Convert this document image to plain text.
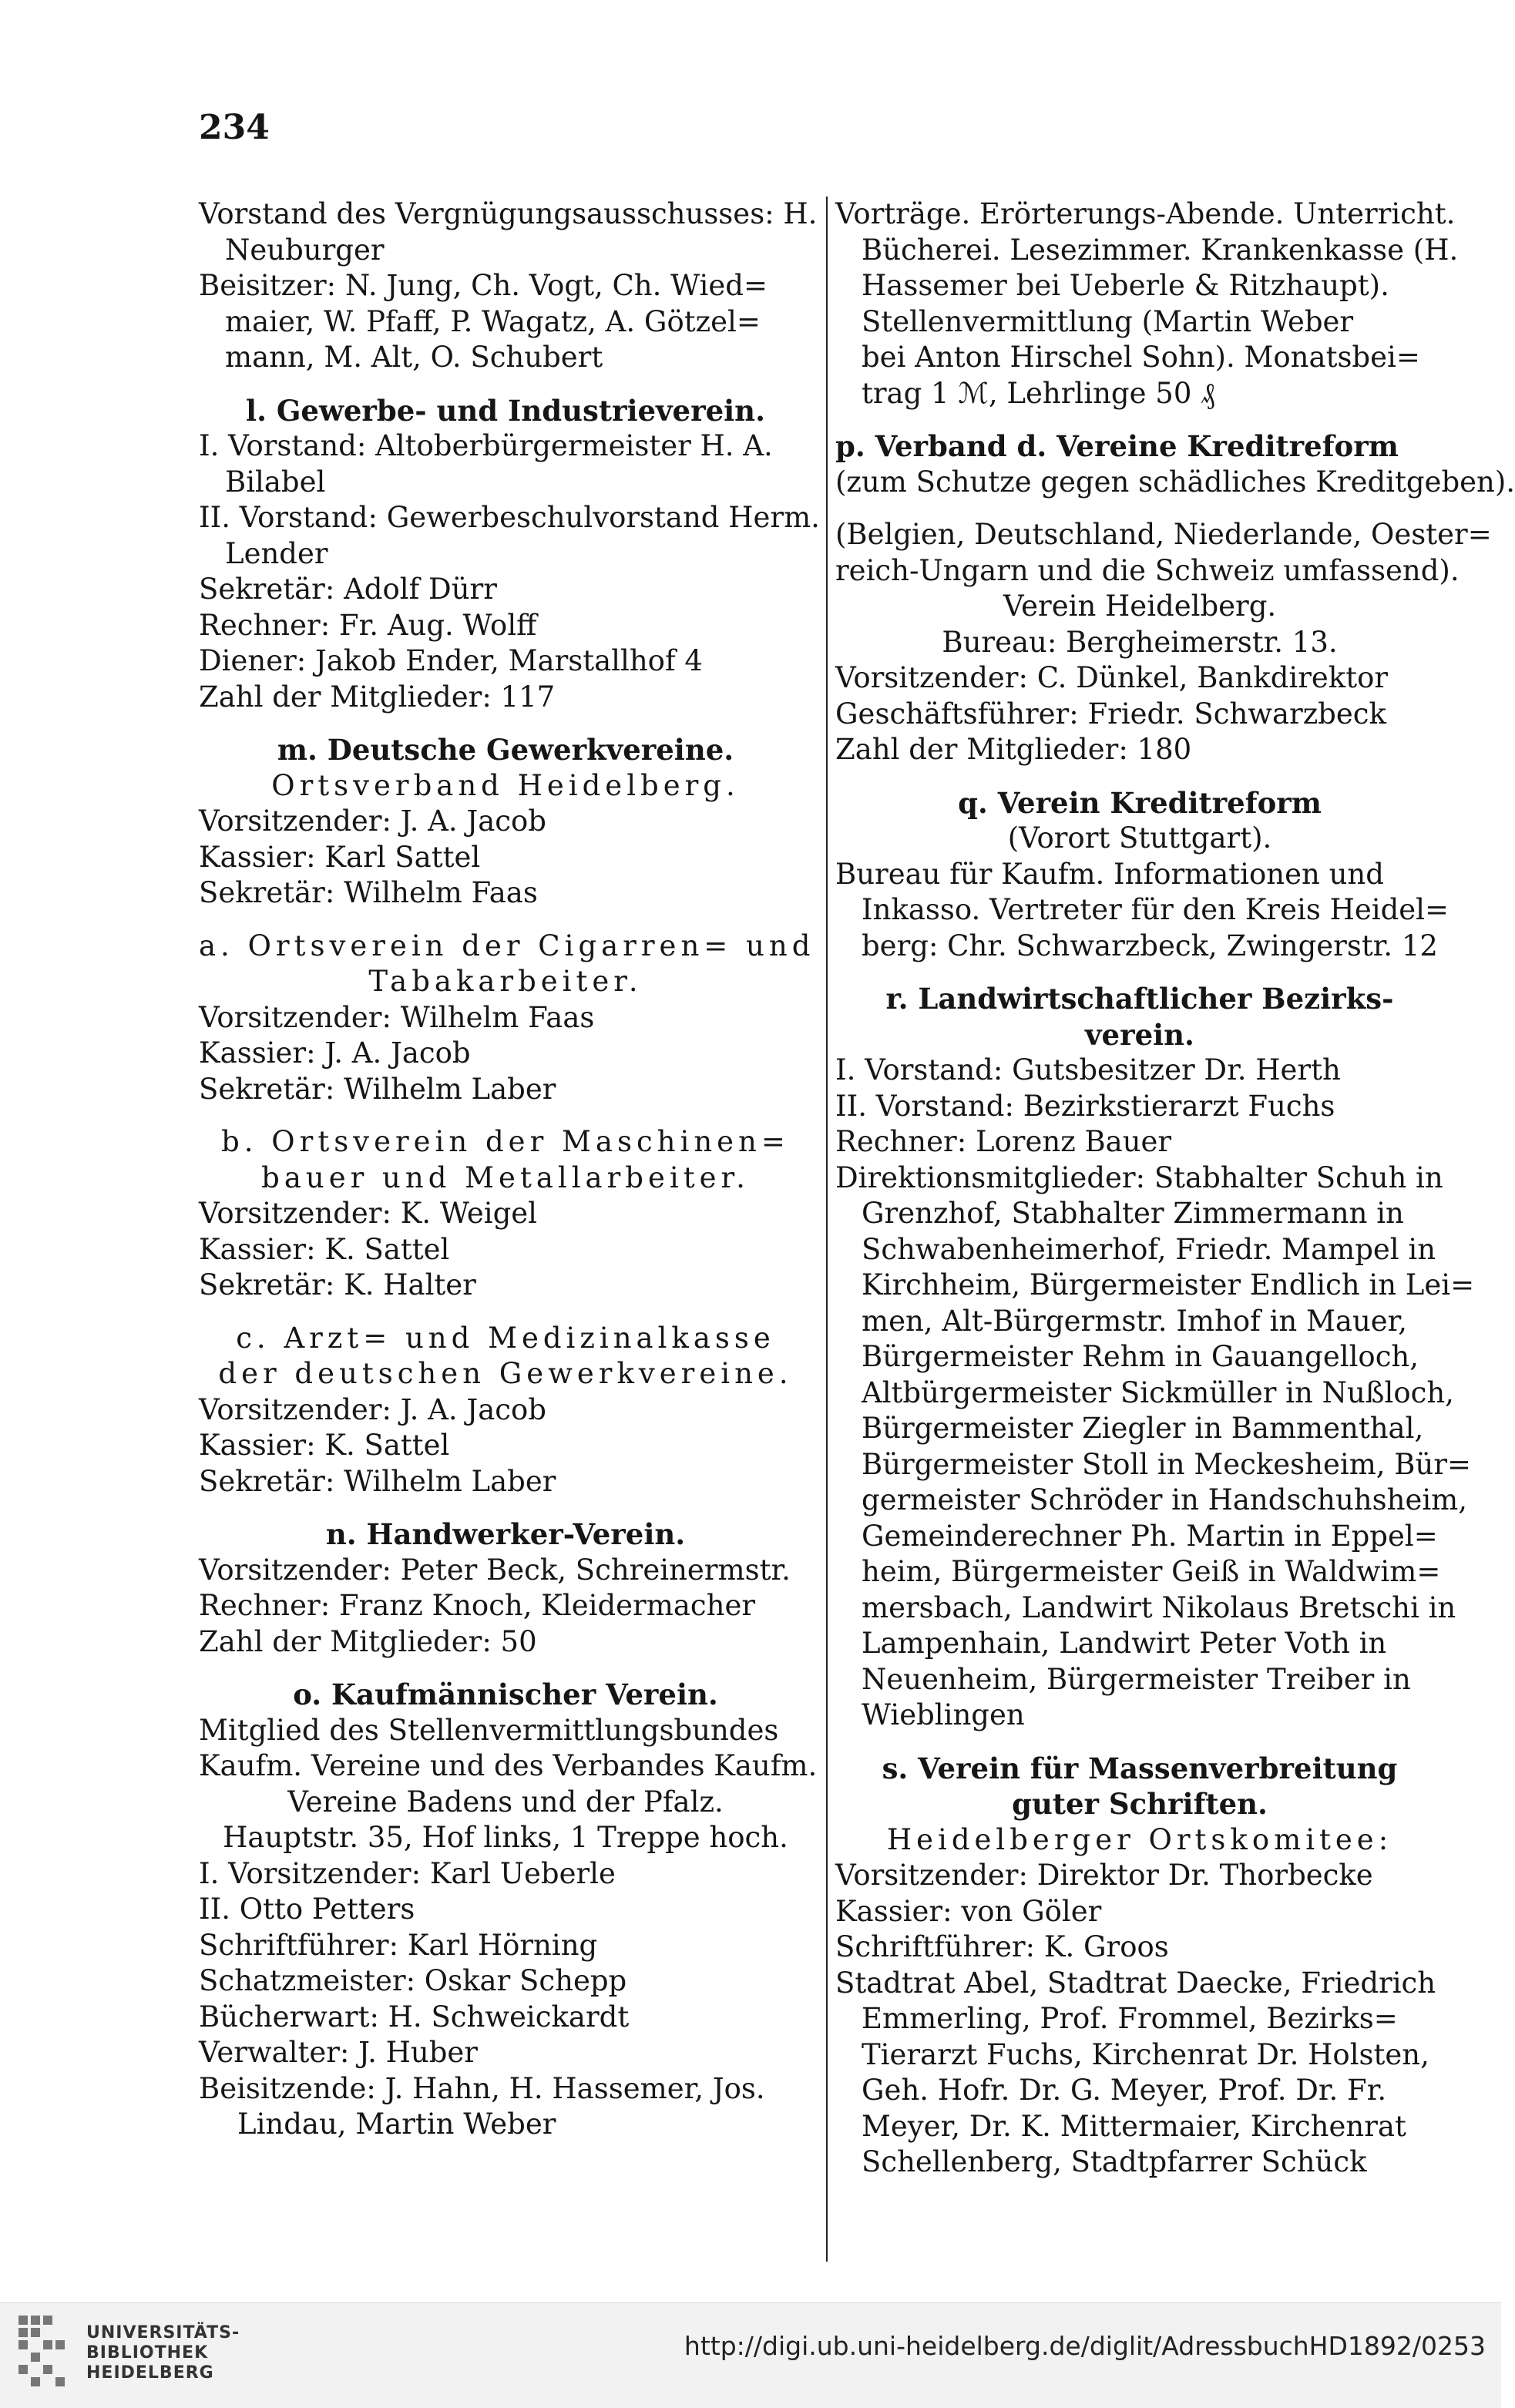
234
Vorstand des Vergnügungsausschusses: H.
Neuburger
Beisitzer: N. Jung, Ch. Vogt, Ch. Wied=
maier, W. Pfaff, P. Wagatz, A. Götzel=
mann, M. Alt, O. Schubert
l. Gewerbe- und Industrieverein.
I. Vorstand: Altoberbürgermeister H. A.
Bilabel
II. Vorstand: Gewerbeschulvorstand Herm.
Lender
Sekretär: Adolf Dürr
Rechner: Fr. Aug. Wolff
Diener: Jakob Ender, Marstallhof 4
Zahl der Mitglieder: 117
m. Deutsche Gewerkvereine.
Ortsverband Heidelberg.
Vorsitzender: J. A. Jacob
Kassier: Karl Sattel
Sekretär: Wilhelm Faas
a. Ortsverein der Cigarren= und
Tabakarbeiter.
Vorsitzender: Wilhelm Faas
Kassier: J. A. Jacob
Sekretär: Wilhelm Laber
b. Ortsverein der Maschinen=
bauer und Metallarbeiter.
Vorsitzender: K. Weigel
Kassier: K. Sattel
Sekretär: K. Halter
c. Arzt= und Medizinalkasse
der deutschen Gewerkvereine.
Vorsitzender: J. A. Jacob
Kassier: K. Sattel
Sekretär: Wilhelm Laber
n. Handwerker-Verein.
Vorsitzender: Peter Beck, Schreinermstr.
Rechner: Franz Knoch, Kleidermacher
Zahl der Mitglieder: 50
o. Kaufmännischer Verein.
Mitglied des Stellenvermittlungsbundes
Kaufm. Vereine und des Verbandes Kaufm.
Vereine Badens und der Pfalz.
Hauptstr. 35, Hof links, 1 Treppe hoch.
I. Vorsitzender: Karl Ueberle
II. Otto Petters
Schriftführer: Karl Hörning
Schatzmeister: Oskar Schepp
Bücherwart: H. Schweickardt
Verwalter: J. Huber
Beisitzende: J. Hahn, H. Hassemer, Jos.
Lindau, Martin Weber
Vorträge. Erörterungs-Abende. Unterricht.
Bücherei. Lesezimmer. Krankenkasse (H.
Hassemer bei Ueberle & Ritzhaupt).
Stellenvermittlung (Martin Weber
bei Anton Hirschel Sohn). Monatsbei=
trag 1 ℳ, Lehrlinge 50 ₰
p. Verband d. Vereine Kreditreform
(zum Schutze gegen schädliches Kreditgeben).
(Belgien, Deutschland, Niederlande, Oester=
reich-Ungarn und die Schweiz umfassend).
Verein Heidelberg.
Bureau: Bergheimerstr. 13.
Vorsitzender: C. Dünkel, Bankdirektor
Geschäftsführer: Friedr. Schwarzbeck
Zahl der Mitglieder: 180
q. Verein Kreditreform
(Vorort Stuttgart).
Bureau für Kaufm. Informationen und
Inkasso. Vertreter für den Kreis Heidel=
berg: Chr. Schwarzbeck, Zwingerstr. 12
r. Landwirtschaftlicher Bezirks-
verein.
I. Vorstand: Gutsbesitzer Dr. Herth
II. Vorstand: Bezirkstierarzt Fuchs
Rechner: Lorenz Bauer
Direktionsmitglieder: Stabhalter Schuh in
Grenzhof, Stabhalter Zimmermann in
Schwabenheimerhof, Friedr. Mampel in
Kirchheim, Bürgermeister Endlich in Lei=
men, Alt-Bürgermstr. Imhof in Mauer,
Bürgermeister Rehm in Gauangelloch,
Altbürgermeister Sickmüller in Nußloch,
Bürgermeister Ziegler in Bammenthal,
Bürgermeister Stoll in Meckesheim, Bür=
germeister Schröder in Handschuhsheim,
Gemeinderechner Ph. Martin in Eppel=
heim, Bürgermeister Geiß in Waldwim=
mersbach, Landwirt Nikolaus Bretschi in
Lampenhain, Landwirt Peter Voth in
Neuenheim, Bürgermeister Treiber in
Wieblingen
s. Verein für Massenverbreitung
guter Schriften.
Heidelberger Ortskomitee:
Vorsitzender: Direktor Dr. Thorbecke
Kassier: von Göler
Schriftführer: K. Groos
Stadtrat Abel, Stadtrat Daecke, Friedrich
Emmerling, Prof. Frommel, Bezirks=
Tierarzt Fuchs, Kirchenrat Dr. Holsten,
Geh. Hofr. Dr. G. Meyer, Prof. Dr. Fr.
Meyer, Dr. K. Mittermaier, Kirchenrat
Schellenberg, Stadtpfarrer Schück
UNIVERSITÄTS-
BIBLIOTHEK
HEIDELBERG
http://digi.ub.uni-heidelberg.de/diglit/AdressbuchHD1892/0253
